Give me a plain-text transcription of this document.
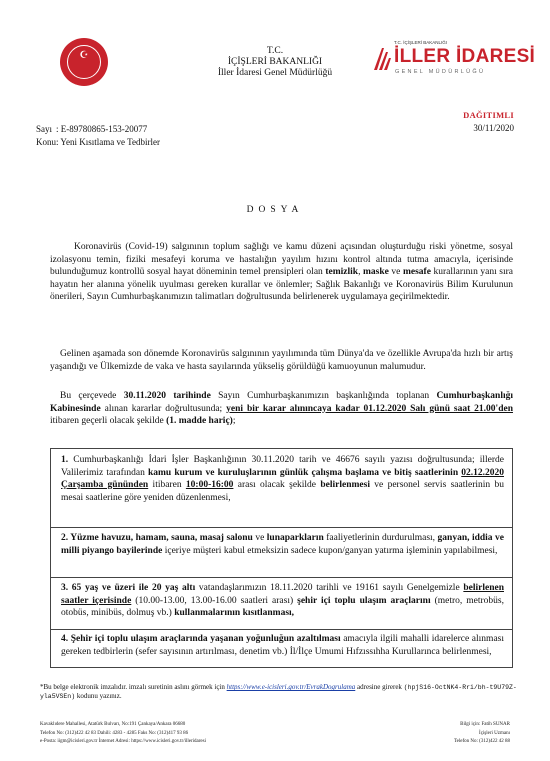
☪	T.C.
İÇİŞLERİ BAKANLIĞI
İller İdaresi Genel Müdürlüğü
T.C. İÇİŞLERİ BAKANLIĞI
İLLER İDARESİ
GENEL MÜDÜRLÜĞÜ
DAĞITIMLI
30/11/2020
Sayı : E-89780865-153-20077
Konu: Yeni Kısıtlama ve Tedbirler
DOSYA
Koronavirüs (Covid-19) salgınının toplum sağlığı ve kamu düzeni açısından oluşturduğu riski yönetme, sosyal izolasyonu temin, fiziki mesafeyi koruma ve hastalığın yayılım hızını kontrol altında tutma amacıyla, içerisinde bulunduğumuz kontrollü sosyal hayat döneminin temel prensipleri olan temizlik, maske ve mesafe kurallarının yanı sıra hayatın her alanına yönelik uyulması gereken kurallar ve önlemler; Sağlık Bakanlığı ve Koronavirüs Bilim Kurulunun önerileri, Sayın Cumhurbaşkanımızın talimatları doğrultusunda belirlenerek uygulamaya geçirilmektedir.
Gelinen aşamada son dönemde Koronavirüs salgınının yayılımında tüm Dünya'da ve özellikle Avrupa'da hızlı bir artış yaşandığı ve Ülkemizde de vaka ve hasta sayılarında yükseliş görüldüğü kamuoyunun malumudur.
Bu çerçevede 30.11.2020 tarihinde Sayın Cumhurbaşkanımızın başkanlığında toplanan Cumhurbaşkanlığı Kabinesinde alınan kararlar doğrultusunda; yeni bir karar alınıncaya kadar 01.12.2020 Salı günü saat 21.00'den itibaren geçerli olacak şekilde (1. madde hariç);
1. Cumhurbaşkanlığı İdari İşler Başkanlığının 30.11.2020 tarih ve 46676 sayılı yazısı doğrultusunda; illerde Valilerimiz tarafından kamu kurum ve kuruluşlarının günlük çalışma başlama ve bitiş saatlerinin 02.12.2020 Çarşamba gününden itibaren 10:00-16:00 arası olacak şekilde belirlenmesi ve personel servis saatlerinin bu mesai saatlerine göre yeniden düzenlenmesi,
2. Yüzme havuzu, hamam, sauna, masaj salonu ve lunaparkların faaliyetlerinin durdurulması, ganyan, iddia ve milli piyango bayilerinde içeriye müşteri kabul etmeksizin sadece kupon/ganyan yatırma işleminin yapılabilmesi,
3. 65 yaş ve üzeri ile 20 yaş altı vatandaşlarımızın 18.11.2020 tarihli ve 19161 sayılı Genelgemizle belirlenen saatler içerisinde (10.00-13.00, 13.00-16.00 saatleri arası) şehir içi toplu ulaşım araçlarını (metro, metrobüs, otobüs, minibüs, dolmuş vb.) kullanmalarının kısıtlanması,
4. Şehir içi toplu ulaşım araçlarında yaşanan yoğunluğun azaltılması amacıyla ilgili mahalli idarelerce alınması gereken tedbirlerin (sefer sayısının artırılması, denetim vb.) İl/İlçe Umumi Hıfzıssıhha Kurullarınca belirlenmesi,
*Bu belge elektronik imzalıdır. imzalı suretinin aslını görmek için https://www.e-icisleri.gov.tr/EvrakDogrulama adresine girerek (hpjS16-OctNK4-Rri/bh-t9U79Z-yla5VSEn) kodunu yazınız.
Kavaklıdere Mahallesi, Atatürk Bulvarı, No:191 Çankaya/Ankara 06680
Telefon No: (312)422 42 83 Dahili: 4283 - 4285 Faks No: (312)417 93 86
e-Posta: iigm@icisleri.gov.tr İnternet Adresi: https://www.icisleri.gov.tr/illeridaresi
Bilgi için: Fatih SUNAR
İçişleri Uzmanı
Telefon No: (312)422 42 88
